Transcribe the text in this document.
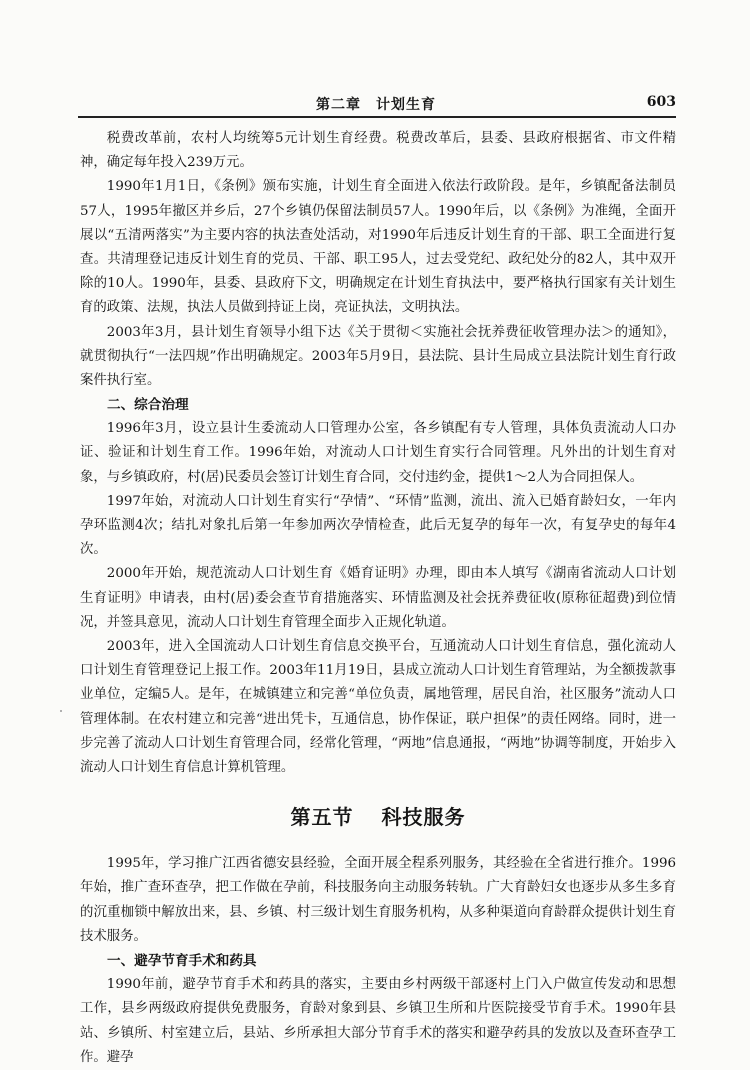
第二章　计划生育	603

税费改革前，农村人均统筹5元计划生育经费。税费改革后，县委、县政府根据省、市文件精神，确定每年投入239万元。

1990年1月1日，《条例》颁布实施，计划生育全面进入依法行政阶段。是年，乡镇配备法制员57人，1995年撤区并乡后，27个乡镇仍保留法制员57人。1990年后，以《条例》为准绳，全面开展以“五清两落实”为主要内容的执法查处活动，对1990年后违反计划生育的干部、职工全面进行复查。共清理登记违反计划生育的党员、干部、职工95人，过去受党纪、政纪处分的82人，其中双开除的10人。1990年，县委、县政府下文，明确规定在计划生育执法中，要严格执行国家有关计划生育的政策、法规，执法人员做到持证上岗，亮证执法，文明执法。

2003年3月，县计划生育领导小组下达《关于贯彻＜实施社会抚养费征收管理办法＞的通知》，就贯彻执行“一法四规”作出明确规定。2003年5月9日，县法院、县计生局成立县法院计划生育行政案件执行室。

二、综合治理

1996年3月，设立县计生委流动人口管理办公室，各乡镇配有专人管理，具体负责流动人口办证、验证和计划生育工作。1996年始，对流动人口计划生育实行合同管理。凡外出的计划生育对象，与乡镇政府，村(居)民委员会签订计划生育合同，交付违约金，提供1～2人为合同担保人。

1997年始，对流动人口计划生育实行“孕情”、“环情”监测，流出、流入已婚育龄妇女，一年内孕环监测4次；结扎对象扎后第一年参加两次孕情检查，此后无复孕的每年一次，有复孕史的每年4次。

2000年开始，规范流动人口计划生育《婚育证明》办理，即由本人填写《湖南省流动人口计划生育证明》申请表，由村(居)委会查节育措施落实、环情监测及社会抚养费征收(原称征超费)到位情况，并签具意见，流动人口计划生育管理全面步入正规化轨道。

2003年，进入全国流动人口计划生育信息交换平台，互通流动人口计划生育信息，强化流动人口计划生育管理登记上报工作。2003年11月19日，县成立流动人口计划生育管理站，为全额拨款事业单位，定编5人。是年，在城镇建立和完善“单位负责，属地管理，居民自治，社区服务”流动人口管理体制。在农村建立和完善“进出凭卡，互通信息，协作保证，联户担保”的责任网络。同时，进一步完善了流动人口计划生育管理合同，经常化管理，“两地”信息通报，“两地”协调等制度，开始步入流动人口计划生育信息计算机管理。

第五节 科技服务

1995年，学习推广江西省德安县经验，全面开展全程系列服务，其经验在全省进行推介。1996年始，推广查环查孕，把工作做在孕前，科技服务向主动服务转轨。广大育龄妇女也逐步从多生多育的沉重枷锁中解放出来，县、乡镇、村三级计划生育服务机构，从多种渠道向育龄群众提供计划生育技术服务。

一、避孕节育手术和药具

1990年前，避孕节育手术和药具的落实，主要由乡村两级干部逐村上门入户做宣传发动和思想工作，县乡两级政府提供免费服务，育龄对象到县、乡镇卫生所和片医院接受节育手术。1990年县站、乡镇所、村室建立后，县站、乡所承担大部分节育手术的落实和避孕药具的发放以及查环查孕工作。避孕
